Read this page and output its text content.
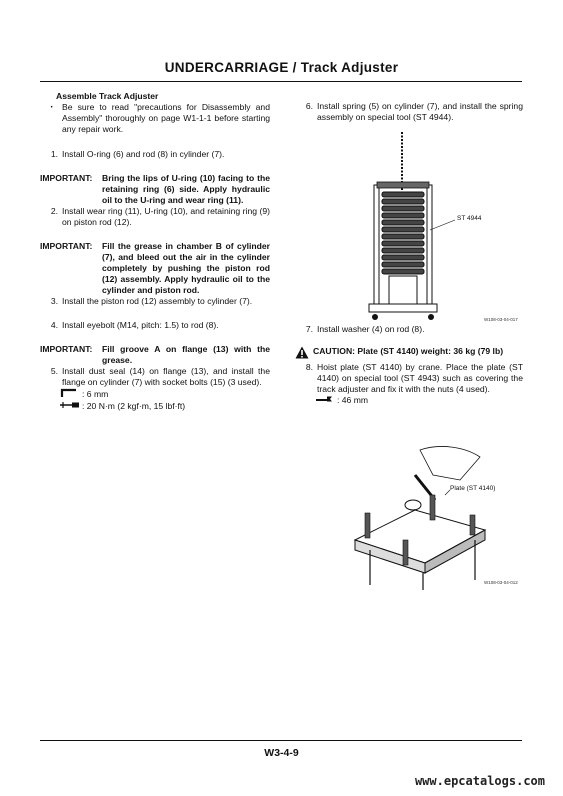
UNDERCARRIAGE / Track Adjuster

Assemble Track Adjuster

・ Be sure to read "precautions for Disassembly and Assembly" thoroughly on page W1-1-1 before starting any repair work.
1. Install O-ring (6) and rod (8) in cylinder (7).
IMPORTANT:	Bring the lips of U-ring (10) facing to the retaining ring (6) side. Apply hydraulic oil to the U-ring and wear ring (11).
2. Install wear ring (11), U-ring (10), and retaining ring (9) on piston rod (12).
IMPORTANT:	Fill the grease in chamber B of cylinder (7), and bleed out the air in the cylinder completely by pushing the piston rod (12) assembly. Apply hydraulic oil to the cylinder and piston rod.
3. Install the piston rod (12) assembly to cylinder (7).
4. Install eyebolt (M14, pitch: 1.5) to rod (8).
IMPORTANT:	Fill groove A on flange (13) with the grease.
5. Install dust seal (14) on flange (13), and install the flange on cylinder (7) with socket bolts (15) (3 used).
: 6 mm
: 20 N·m (2 kgf·m, 15 lbf·ft)
6. Install spring (5) on cylinder (7), and install the spring assembly on special tool (ST 4944).
ST 4944
W108-03-04-017
7. Install washer (4) on rod (8).
CAUTION: Plate (ST 4140) weight: 36 kg (79 lb)
8. Hoist plate (ST 4140) by crane. Place the plate (ST 4140) on special tool (ST 4943) such as covering the track adjuster and fix it with the nuts (4 used).
: 46 mm
Plate (ST 4140)
W108-03-04-012
W3-4-9
www.epcatalogs.com
